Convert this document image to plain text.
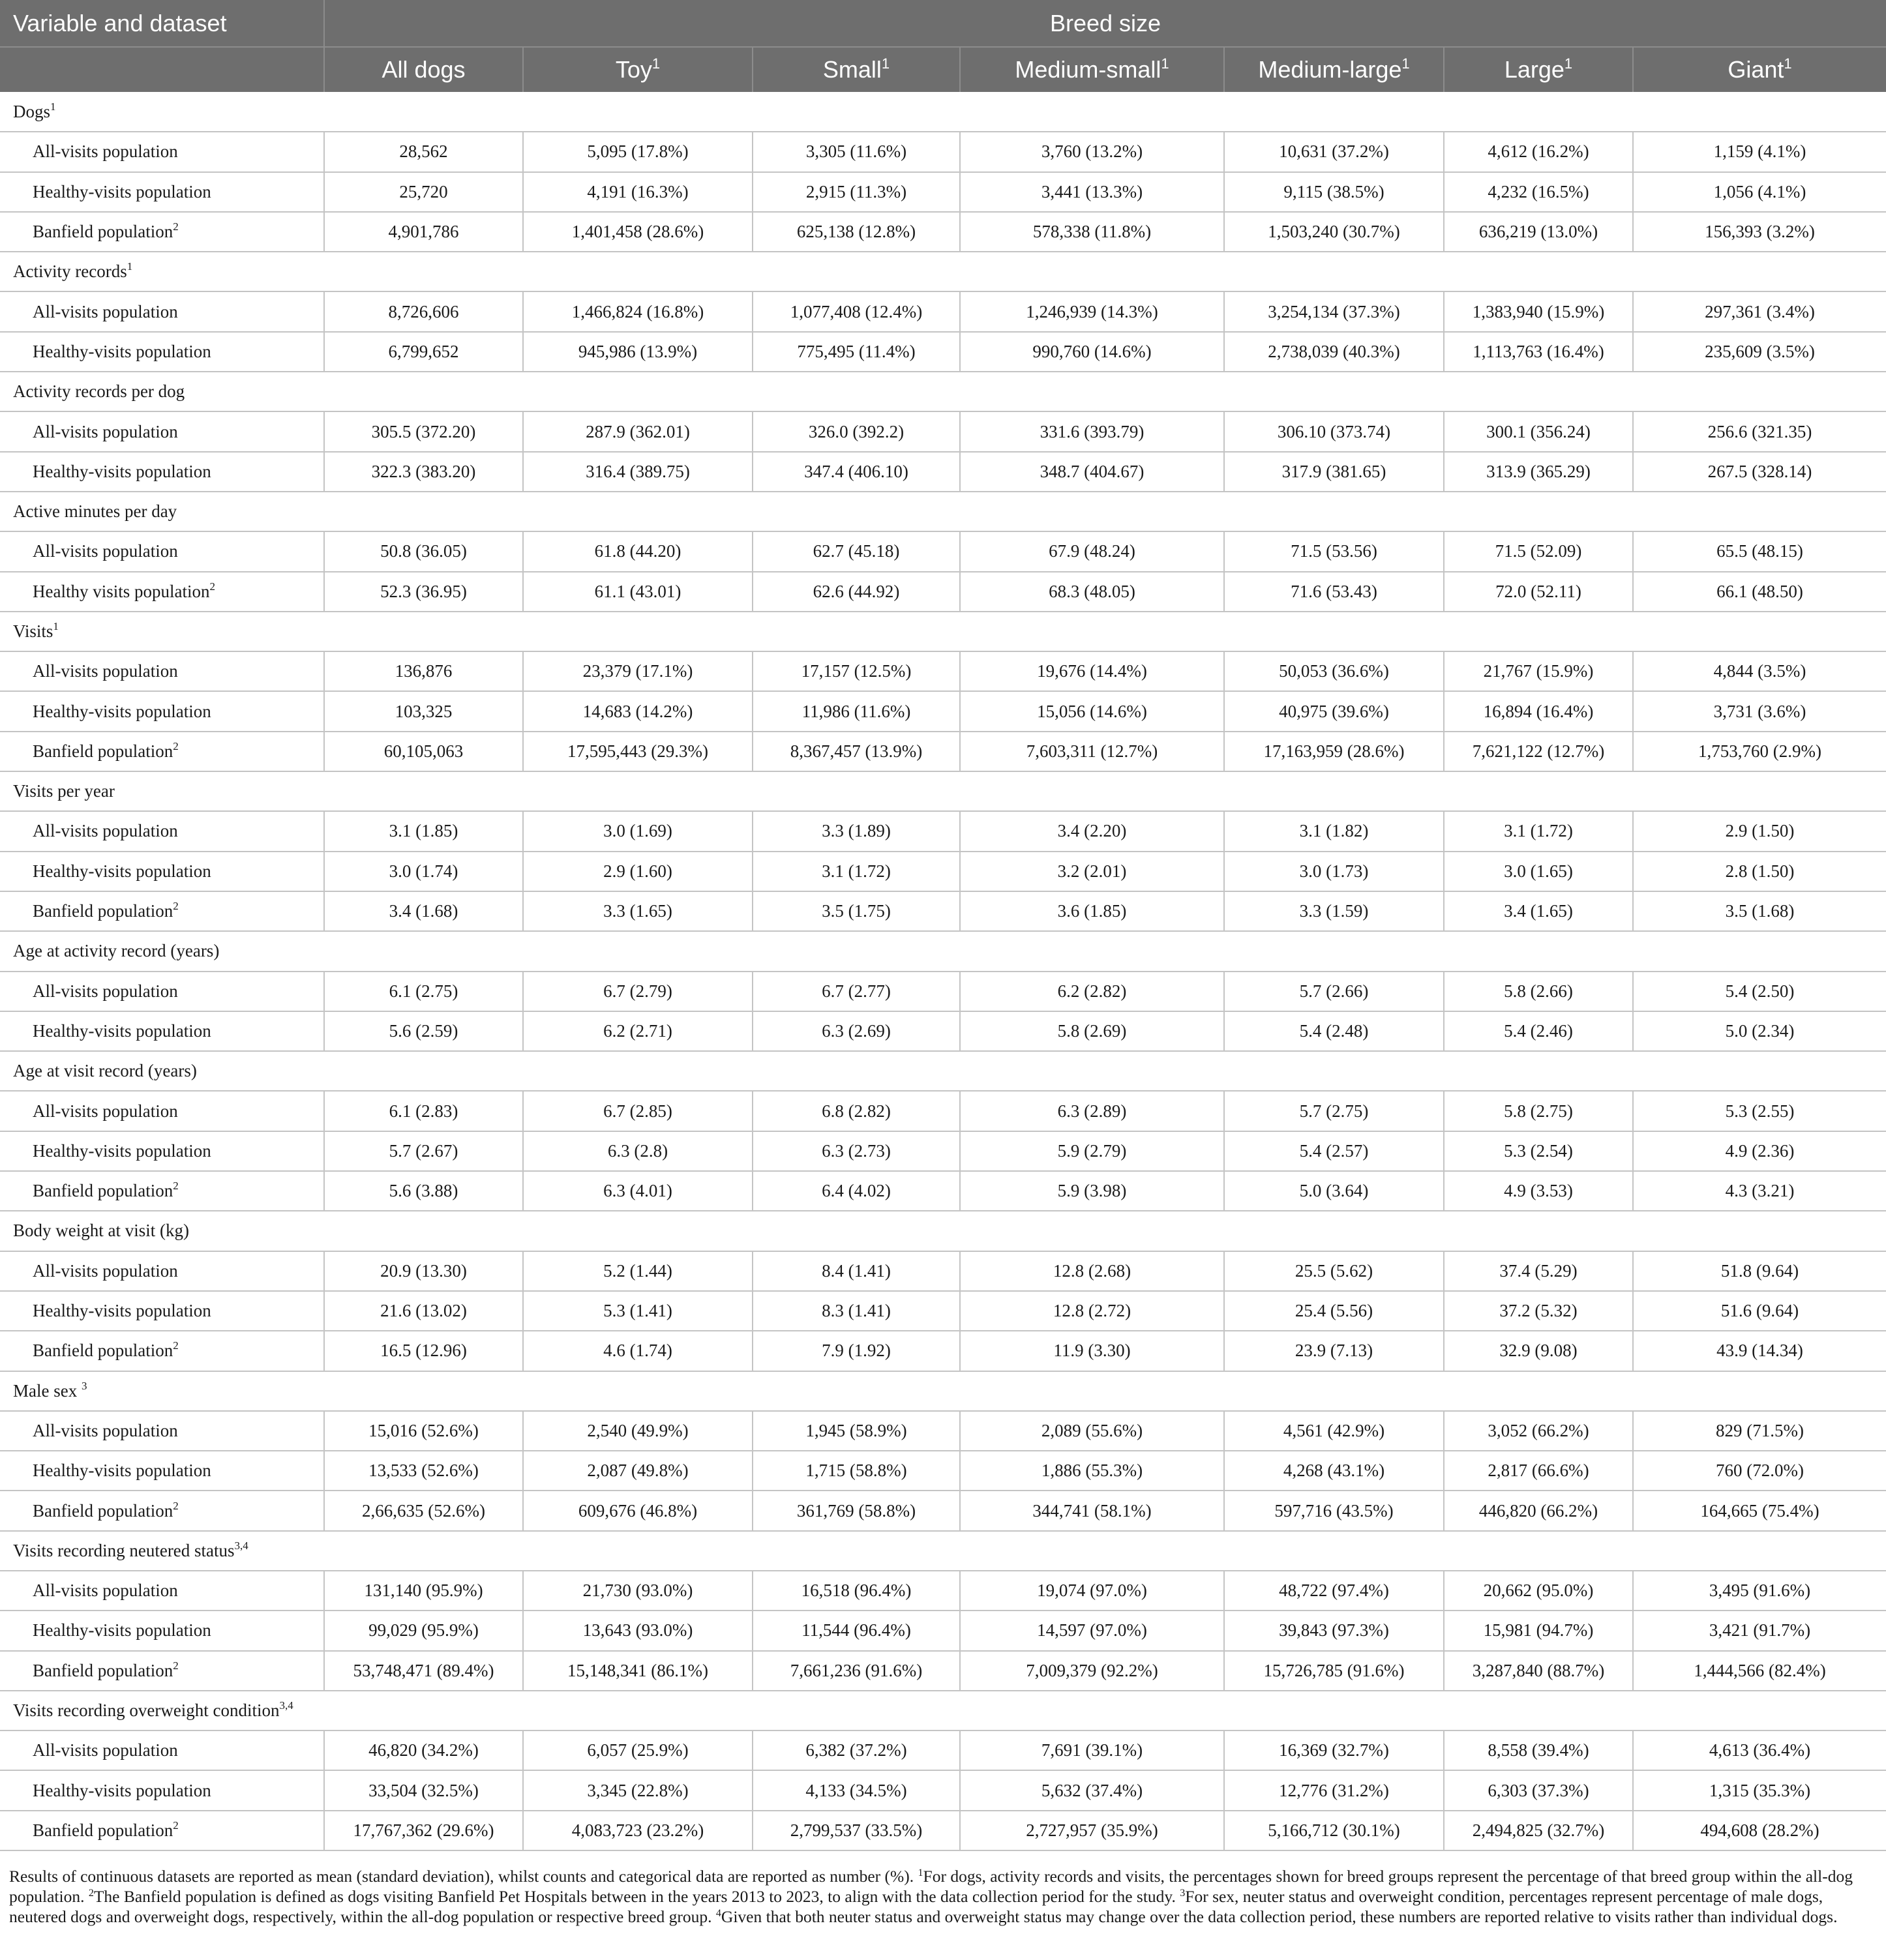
Variable and dataset	Breed size						
	All dogs	Toy$^1$	Small$^1$	Medium-small$^1$	Medium-large$^1$	Large$^1$	Giant$^1$
Dogs$^1$
All-visits population	28,562	5,095 (17.8%)	3,305 (11.6%)	3,760 (13.2%)	10,631 (37.2%)	4,612 (16.2%)	1,159 (4.1%)
Healthy-visits population	25,720	4,191 (16.3%)	2,915 (11.3%)	3,441 (13.3%)	9,115 (38.5%)	4,232 (16.5%)	1,056 (4.1%)
Banfield population$^2$	4,901,786	1,401,458 (28.6%)	625,138 (12.8%)	578,338 (11.8%)	1,503,240 (30.7%)	636,219 (13.0%)	156,393 (3.2%)
Activity records$^1$
All-visits population	8,726,606	1,466,824 (16.8%)	1,077,408 (12.4%)	1,246,939 (14.3%)	3,254,134 (37.3%)	1,383,940 (15.9%)	297,361 (3.4%)
Healthy-visits population	6,799,652	945,986 (13.9%)	775,495 (11.4%)	990,760 (14.6%)	2,738,039 (40.3%)	1,113,763 (16.4%)	235,609 (3.5%)
Activity records per dog							
All-visits population	305.5 (372.20)	287.9 (362.01)	326.0 (392.2)	331.6 (393.79)	306.10 (373.74)	300.1 (356.24)	256.6 (321.35)
Healthy-visits population	322.3 (383.20)	316.4 (389.75)	347.4 (406.10)	348.7 (404.67)	317.9 (381.65)	313.9 (365.29)	267.5 (328.14)
Active minutes per day							
All-visits population	50.8 (36.05)	61.8 (44.20)	62.7 (45.18)	67.9 (48.24)	71.5 (53.56)	71.5 (52.09)	65.5 (48.15)
Healthy visits population$^2$	52.3 (36.95)	61.1 (43.01)	62.6 (44.92)	68.3 (48.05)	71.6 (53.43)	72.0 (52.11)	66.1 (48.50)
Visits$^1$
All-visits population	136,876	23,379 (17.1%)	17,157 (12.5%)	19,676 (14.4%)	50,053 (36.6%)	21,767 (15.9%)	4,844 (3.5%)
Healthy-visits population	103,325	14,683 (14.2%)	11,986 (11.6%)	15,056 (14.6%)	40,975 (39.6%)	16,894 (16.4%)	3,731 (3.6%)
Banfield population$^2$	60,105,063	17,595,443 (29.3%)	8,367,457 (13.9%)	7,603,311 (12.7%)	17,163,959 (28.6%)	7,621,122 (12.7%)	1,753,760 (2.9%)
Visits per year							
All-visits population	3.1 (1.85)	3.0 (1.69)	3.3 (1.89)	3.4 (2.20)	3.1 (1.82)	3.1 (1.72)	2.9 (1.50)
Healthy-visits population	3.0 (1.74)	2.9 (1.60)	3.1 (1.72)	3.2 (2.01)	3.0 (1.73)	3.0 (1.65)	2.8 (1.50)
Banfield population$^2$	3.4 (1.68)	3.3 (1.65)	3.5 (1.75)	3.6 (1.85)	3.3 (1.59)	3.4 (1.65)	3.5 (1.68)
Age at activity record (years)							
All-visits population	6.1 (2.75)	6.7 (2.79)	6.7 (2.77)	6.2 (2.82)	5.7 (2.66)	5.8 (2.66)	5.4 (2.50)
Healthy-visits population	5.6 (2.59)	6.2 (2.71)	6.3 (2.69)	5.8 (2.69)	5.4 (2.48)	5.4 (2.46)	5.0 (2.34)
Age at visit record (years)							
All-visits population	6.1 (2.83)	6.7 (2.85)	6.8 (2.82)	6.3 (2.89)	5.7 (2.75)	5.8 (2.75)	5.3 (2.55)
Healthy-visits population	5.7 (2.67)	6.3 (2.8)	6.3 (2.73)	5.9 (2.79)	5.4 (2.57)	5.3 (2.54)	4.9 (2.36)
Banfield population$^2$	5.6 (3.88)	6.3 (4.01)	6.4 (4.02)	5.9 (3.98)	5.0 (3.64)	4.9 (3.53)	4.3 (3.21)
Body weight at visit (kg)							
All-visits population	20.9 (13.30)	5.2 (1.44)	8.4 (1.41)	12.8 (2.68)	25.5 (5.62)	37.4 (5.29)	51.8 (9.64)
Healthy-visits population	21.6 (13.02)	5.3 (1.41)	8.3 (1.41)	12.8 (2.72)	25.4 (5.56)	37.2 (5.32)	51.6 (9.64)
Banfield population$^2$	16.5 (12.96)	4.6 (1.74)	7.9 (1.92)	11.9 (3.30)	23.9 (7.13)	32.9 (9.08)	43.9 (14.34)
Male sex $^3$
All-visits population	15,016 (52.6%)	2,540 (49.9%)	1,945 (58.9%)	2,089 (55.6%)	4,561 (42.9%)	3,052 (66.2%)	829 (71.5%)
Healthy-visits population	13,533 (52.6%)	2,087 (49.8%)	1,715 (58.8%)	1,886 (55.3%)	4,268 (43.1%)	2,817 (66.6%)	760 (72.0%)
Banfield population$^2$	2,66,635 (52.6%)	609,676 (46.8%)	361,769 (58.8%)	344,741 (58.1%)	597,716 (43.5%)	446,820 (66.2%)	164,665 (75.4%)
Visits recording neutered status$^{3,4}$
All-visits population	131,140 (95.9%)	21,730 (93.0%)	16,518 (96.4%)	19,074 (97.0%)	48,722 (97.4%)	20,662 (95.0%)	3,495 (91.6%)
Healthy-visits population	99,029 (95.9%)	13,643 (93.0%)	11,544 (96.4%)	14,597 (97.0%)	39,843 (97.3%)	15,981 (94.7%)	3,421 (91.7%)
Banfield population$^2$	53,748,471 (89.4%)	15,148,341 (86.1%)	7,661,236 (91.6%)	7,009,379 (92.2%)	15,726,785 (91.6%)	3,287,840 (88.7%)	1,444,566 (82.4%)
Visits recording overweight condition$^{3,4}$
All-visits population	46,820 (34.2%)	6,057 (25.9%)	6,382 (37.2%)	7,691 (39.1%)	16,369 (32.7%)	8,558 (39.4%)	4,613 (36.4%)
Healthy-visits population	33,504 (32.5%)	3,345 (22.8%)	4,133 (34.5%)	5,632 (37.4%)	12,776 (31.2%)	6,303 (37.3%)	1,315 (35.3%)
Banfield population$^2$	17,767,362 (29.6%)	4,083,723 (23.2%)	2,799,537 (33.5%)	2,727,957 (35.9%)	5,166,712 (30.1%)	2,494,825 (32.7%)	494,608 (28.2%)
Results of continuous datasets are reported as mean (standard deviation), whilst counts and categorical data are reported as number (%). $^1$For dogs, activity records and visits, the percentages shown for breed groups represent the percentage of that breed group within the all-dog population. $^2$The Banfield population is defined as dogs visiting Banfield Pet Hospitals between in the years 2013 to 2023, to align with the data collection period for the study. $^3$For sex, neuter status and overweight condition, percentages represent percentage of male dogs, neutered dogs and overweight dogs, respectively, within the all-dog population or respective breed group. $^4$Given that both neuter status and overweight status may change over the data collection period, these numbers are reported relative to visits rather than individual dogs.
